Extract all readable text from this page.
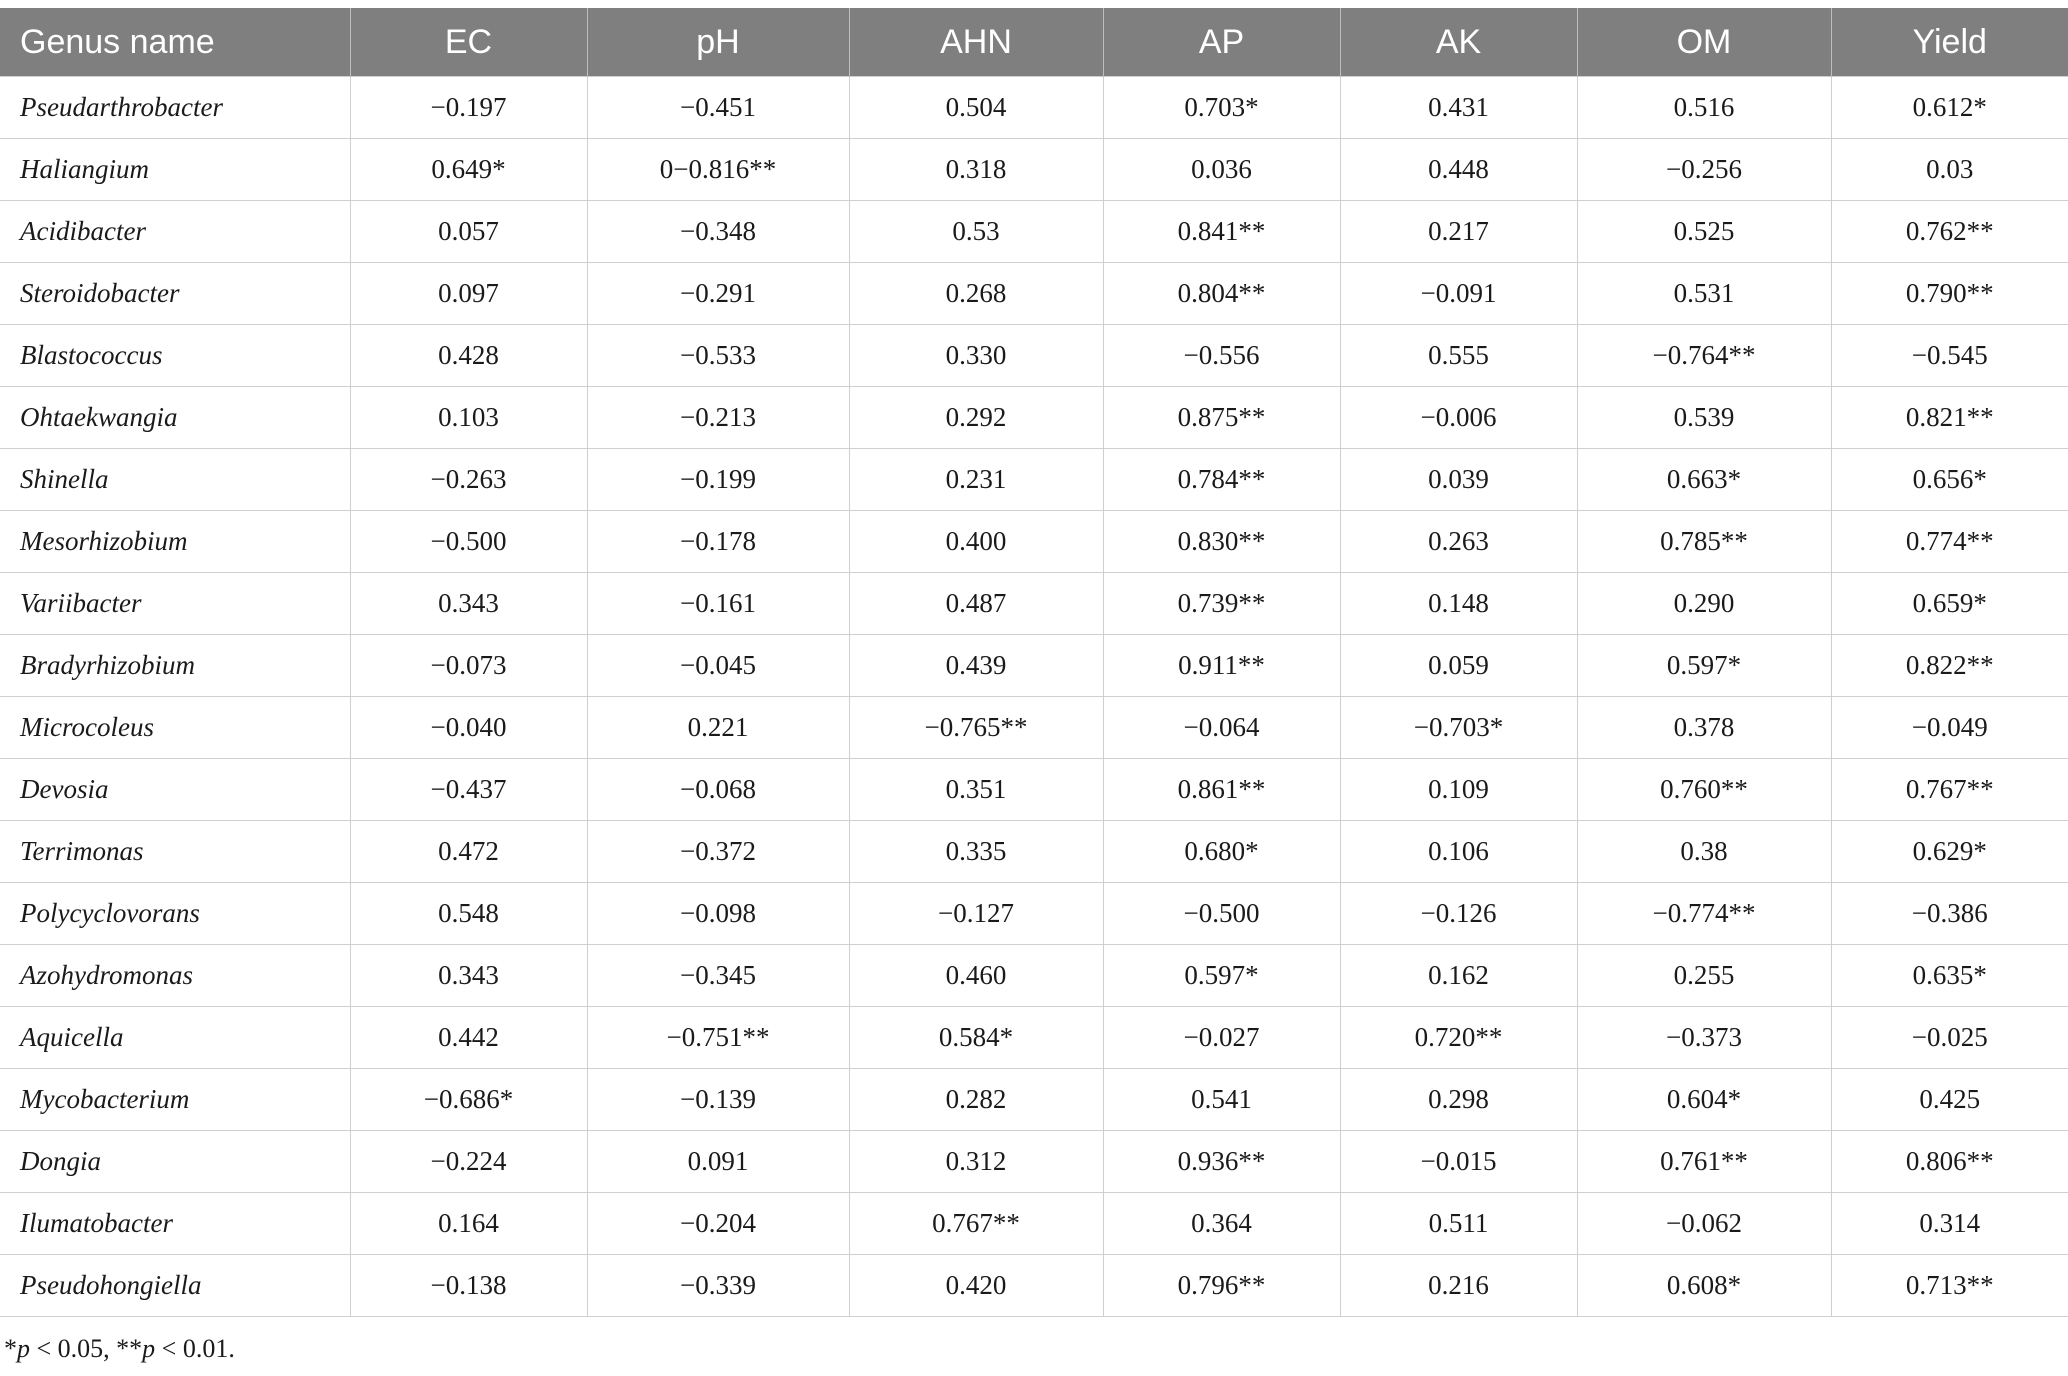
Genus name	EC	pH	AHN	AP	AK	OM	Yield
Pseudarthrobacter	−0.197	−0.451	0.504	0.703*	0.431	0.516	0.612*
Haliangium	0.649*	0−0.816**	0.318	0.036	0.448	−0.256	0.03
Acidibacter	0.057	−0.348	0.53	0.841**	0.217	0.525	0.762**
Steroidobacter	0.097	−0.291	0.268	0.804**	−0.091	0.531	0.790**
Blastococcus	0.428	−0.533	0.330	−0.556	0.555	−0.764**	−0.545
Ohtaekwangia	0.103	−0.213	0.292	0.875**	−0.006	0.539	0.821**
Shinella	−0.263	−0.199	0.231	0.784**	0.039	0.663*	0.656*
Mesorhizobium	−0.500	−0.178	0.400	0.830**	0.263	0.785**	0.774**
Variibacter	0.343	−0.161	0.487	0.739**	0.148	0.290	0.659*
Bradyrhizobium	−0.073	−0.045	0.439	0.911**	0.059	0.597*	0.822**
Microcoleus	−0.040	0.221	−0.765**	−0.064	−0.703*	0.378	−0.049
Devosia	−0.437	−0.068	0.351	0.861**	0.109	0.760**	0.767**
Terrimonas	0.472	−0.372	0.335	0.680*	0.106	0.38	0.629*
Polycyclovorans	0.548	−0.098	−0.127	−0.500	−0.126	−0.774**	−0.386
Azohydromonas	0.343	−0.345	0.460	0.597*	0.162	0.255	0.635*
Aquicella	0.442	−0.751**	0.584*	−0.027	0.720**	−0.373	−0.025
Mycobacterium	−0.686*	−0.139	0.282	0.541	0.298	0.604*	0.425
Dongia	−0.224	0.091	0.312	0.936**	−0.015	0.761**	0.806**
Ilumatobacter	0.164	−0.204	0.767**	0.364	0.511	−0.062	0.314
Pseudohongiella	−0.138	−0.339	0.420	0.796**	0.216	0.608*	0.713**
*p < 0.05, **p < 0.01.
